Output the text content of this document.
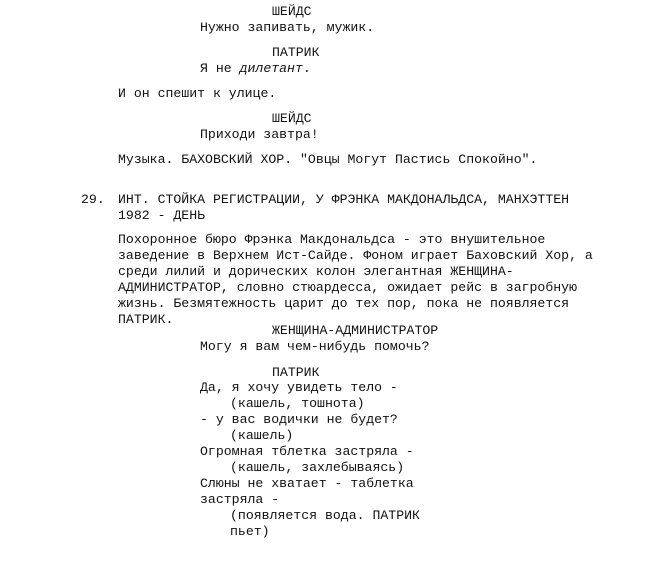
ШЕЙДС
Нужно запивать, мужик.
ПАТРИК
Я не дилетант.
И он спешит к улице.
ШЕЙДС
Приходи завтра!
Музыка. БАХОВСКИЙ ХОР. "Овцы Могут Пастись Спокойно".
29. ИНТ. СТОЙКА РЕГИСТРАЦИИ, У ФРЭНКА МАКДОНАЛЬДСА, МАНХЭТТЕН
1982 - ДЕНЬ
Похоронное бюро Фрэнка Макдональдса - это внушительное
заведение в Верхнем Ист-Сайде. Фоном играет Баховский Хор, а
среди лилий и дорических колон элегантная ЖЕНЩИНА-
АДМИНИСТРАТОР, словно стюардесса, ожидает рейс в загробную
жизнь. Безмятежность царит до тех пор, пока не появляется
ПАТРИК.
ЖЕНЩИНА-АДМИНИСТРАТОР
Могу я вам чем-нибудь помочь?
ПАТРИК
Да, я хочу увидеть тело -
(кашель, тошнота)
- у вас водички не будет?
(кашель)
Огромная тблетка застряла -
(кашель, захлебываясь)
Слюны не хватает - таблетка
застряла -
(появляется вода. ПАТРИК
пьет)
